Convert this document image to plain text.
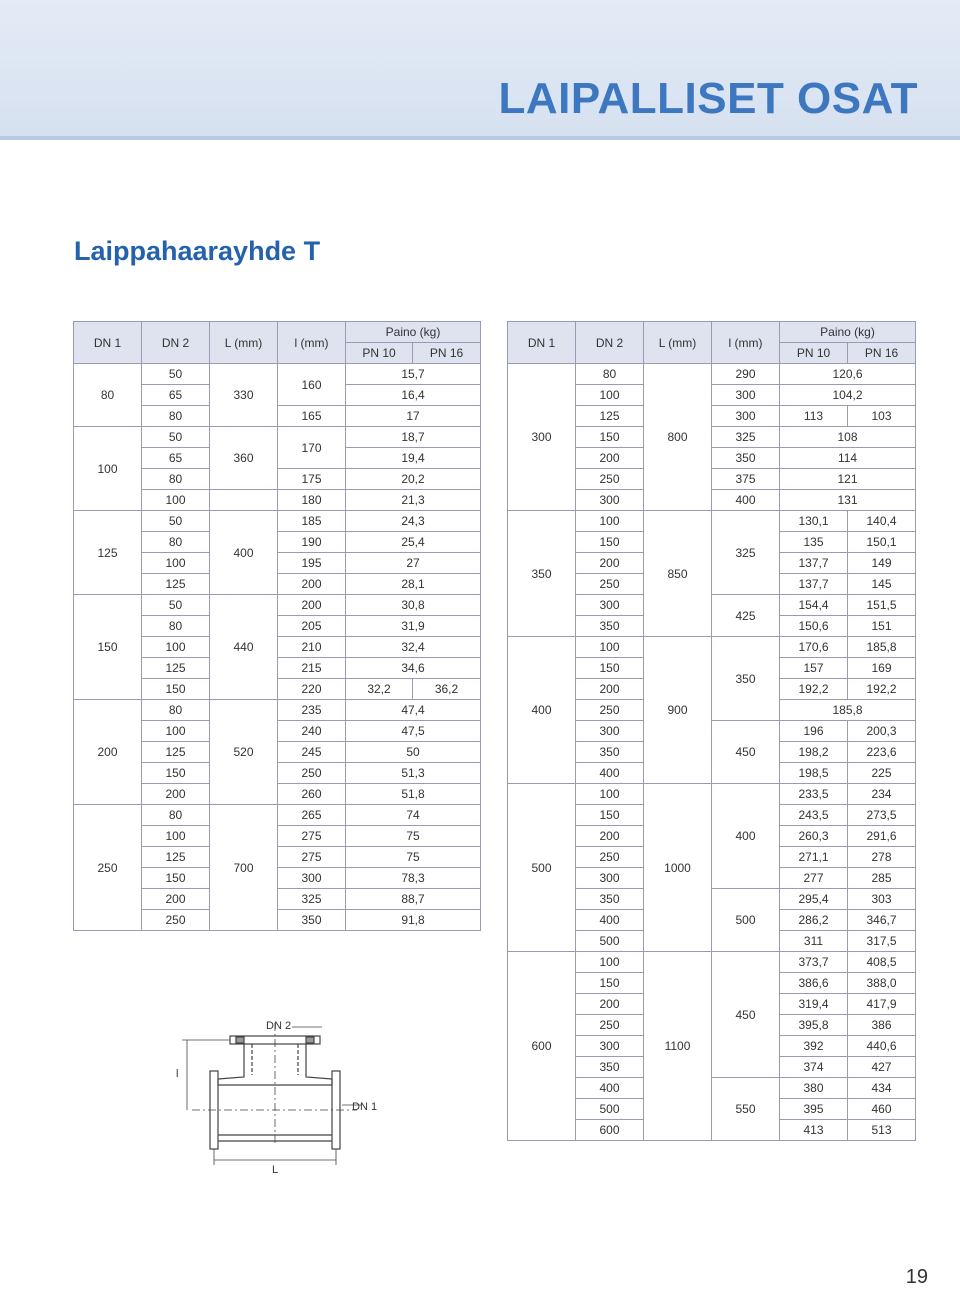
LAIPALLISET OSAT
Laippahaarayhde T
DN 1	DN 2	L (mm)	l (mm)	Paino (kg)	
				PN 10	PN 16
80	50	330	160	15,7	
	65			16,4	
	80		165	17	
100	50	360	170	18,7	
	65			19,4	
	80		175	20,2	
	100		180	21,3	
125	50	400	185	24,3	
	80		190	25,4	
	100		195	27	
	125		200	28,1	
150	50	440	200	30,8	
	80		205	31,9	
	100		210	32,4	
	125		215	34,6	
	150		220	32,2	36,2
200	80	520	235	47,4	
	100		240	47,5	
	125		245	50	
	150		250	51,3	
	200		260	51,8	
250	80	700	265	74	
	100		275	75	
	125		275	75	
	150		300	78,3	
	200		325	88,7	
	250		350	91,8	
DN 1	DN 2	L (mm)	l (mm)	Paino (kg)	
				PN 10	PN 16
300	80	800	290	120,6	
	100		300	104,2	
	125		300	113	103
	150		325	108	
	200		350	114	
	250		375	121	
	300		400	131	
350	100	850	325	130,1	140,4
	150			135	150,1
	200			137,7	149
	250			137,7	145
	300		425	154,4	151,5
	350			150,6	151
400	100	900	350	170,6	185,8
	150			157	169
	200			192,2	192,2
	250			185,8	
	300		450	196	200,3
	350			198,2	223,6
	400			198,5	225
500	100	1000	400	233,5	234
	150			243,5	273,5
	200			260,3	291,6
	250			271,1	278
	300			277	285
	350		500	295,4	303
	400			286,2	346,7
	500			311	317,5
600	100	1100	450	373,7	408,5
	150			386,6	388,0
	200			319,4	417,9
	250			395,8	386
	300			392	440,6
	350			374	427
	400		550	380	434
	500			395	460
	600			413	513
DN 2
DN 1
L
l
19
